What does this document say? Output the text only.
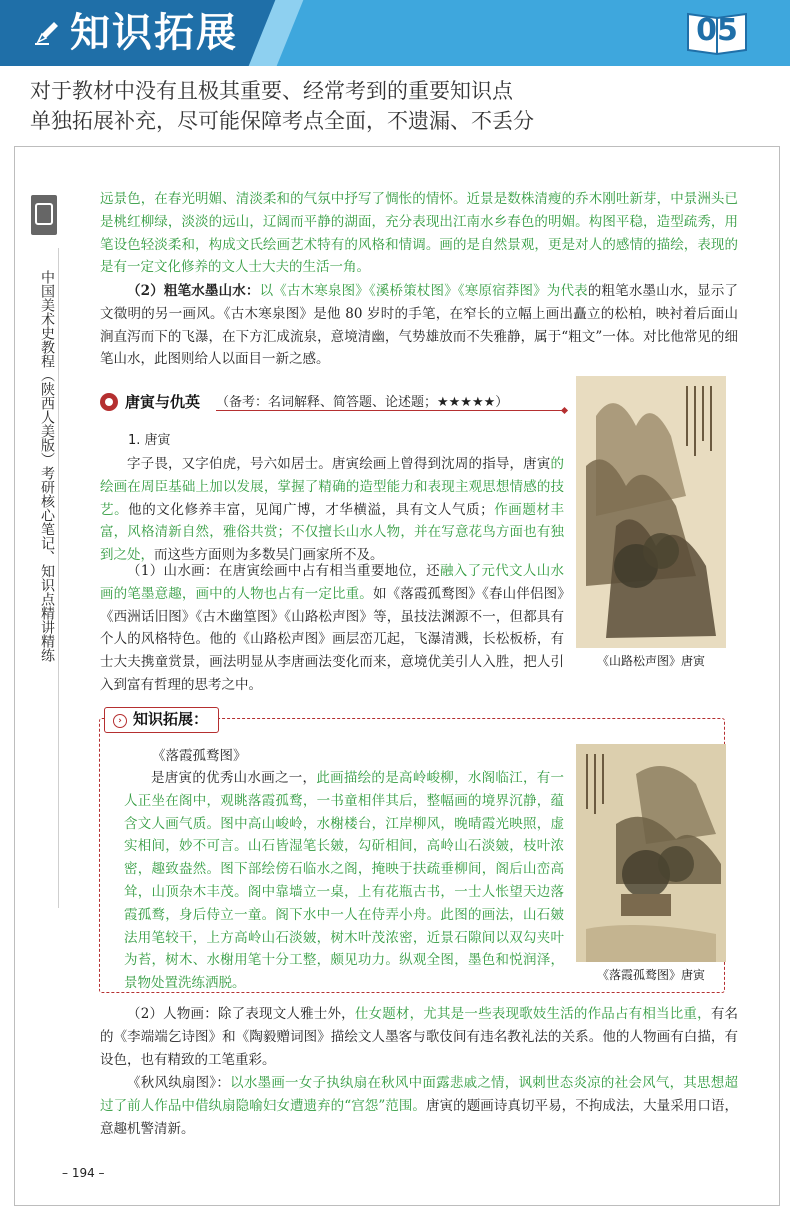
知识拓展	05
对于教材中没有且极其重要、经常考到的重要知识点
单独拓展补充，尽可能保障考点全面，不遗漏、不丢分
中国美术史教程（陕西人美版）考研核心笔记、知识点精讲精练

远景色，在春光明媚、清淡柔和的气氛中抒写了惆怅的情怀。近景是数株清瘦的乔木刚吐新芽，中景洲头已是桃红柳绿，淡淡的远山，辽阔而平静的湖面，充分表现出江南水乡春色的明媚。构图平稳，造型疏秀，用笔设色轻淡柔和，构成文氏绘画艺术特有的风格和情调。画的是自然景观，更是对人的感情的描绘，表现的是有一定文化修养的文人士大夫的生活一角。

（2）粗笔水墨山水：以《古木寒泉图》《溪桥策杖图》《寒原宿莽图》为代表的粗笔水墨山水，显示了文徵明的另一画风。《古木寒泉图》是他 80 岁时的手笔，在窄长的立幅上画出矗立的松柏，映衬着后面山涧直泻而下的飞瀑，在下方汇成流泉，意境清幽，气势雄放而不失雅静，属于“粗文”一体。对比他常见的细笔山水，此图则给人以面目一新之感。

唐寅与仇英 （备考：名词解释、简答题、论述题；★★★★★）
《山路松声图》唐寅

1. 唐寅

字子畏，又字伯虎，号六如居士。唐寅绘画上曾得到沈周的指导，唐寅的绘画在周臣基础上加以发展，掌握了精确的造型能力和表现主观思想情感的技艺。他的文化修养丰富，见闻广博，才华横溢，具有文人气质；作画题材丰富，风格清新自然，雅俗共赏；不仅擅长山水人物，并在写意花鸟方面也有独到之处，而这些方面则为多数吴门画家所不及。

（1）山水画：在唐寅绘画中占有相当重要地位，还融入了元代文人山水画的笔墨意趣，画中的人物也占有一定比重。如《落霞孤鹜图》《春山伴侣图》《西洲话旧图》《古木幽篁图》《山路松声图》等，虽技法渊源不一，但都具有个人的风格特色。他的《山路松声图》画层峦兀起，飞瀑清溅，长松板桥，有士大夫携童赏景，画法明显从李唐画法变化而来，意境优美引人入胜，把人引入到富有哲理的思考之中。

› 知识拓展：

《落霞孤鹜图》

是唐寅的优秀山水画之一，此画描绘的是高岭峻柳，水阁临江，有一人正坐在阁中，观眺落霞孤鹜，一书童相伴其后，整幅画的境界沉静，蕴含文人画气质。图中高山峻岭，水榭楼台，江岸柳风，晚晴霞光映照，虚实相间，妙不可言。山石皆湿笔长皴，勾斫相间，高岭山石淡皴，枝叶浓密，趣致盎然。图下部绘傍石临水之阁，掩映于扶疏垂柳间，阁后山峦高耸，山顶杂木丰茂。阁中靠墙立一桌，上有花瓶古书，一士人怅望天边落霞孤鹜，身后侍立一童。阁下水中一人在侍弄小舟。此图的画法，山石皴法用笔较干，上方高岭山石淡皴，树木叶茂浓密，近景石隙间以双勾夹叶为苔，树木、水榭用笔十分工整，颇见功力。纵观全图，墨色和悦润泽，景物处置洗练洒脱。

《落霞孤鹜图》唐寅

（2）人物画：除了表现文人雅士外，仕女题材，尤其是一些表现歌妓生活的作品占有相当比重，有名的《李端端乞诗图》和《陶毅赠词图》描绘文人墨客与歌伎间有违名教礼法的关系。他的人物画有白描，有设色，也有精致的工笔重彩。

《秋风纨扇图》：以水墨画一女子执纨扇在秋风中面露悲戚之情，讽刺世态炎凉的社会风气，其思想超过了前人作品中借纨扇隐喻妇女遭遗弃的“宫怨”范围。唐寅的题画诗真切平易，不拘成法，大量采用口语，意趣机警清新。

– 194 –
